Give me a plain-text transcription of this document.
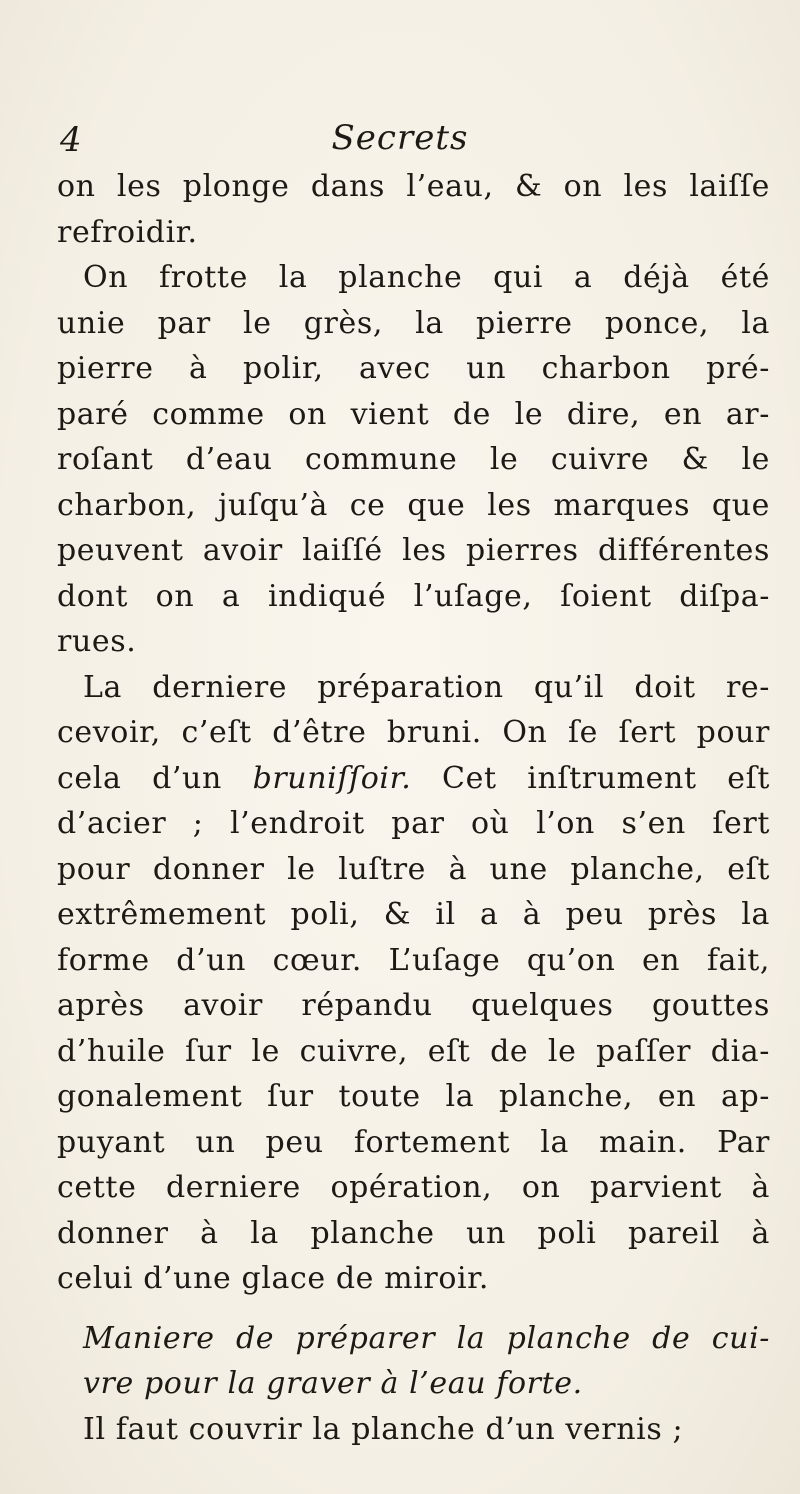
4	Secrets
on les plonge dans l’eau, & on les laiſſe
refroidir.
On frotte la planche qui a déjà été
unie par le grès, la pierre ponce, la
pierre à polir, avec un charbon pré-
paré comme on vient de le dire, en ar-
roſant d’eau commune le cuivre & le
charbon, juſqu’à ce que les marques que
peuvent avoir laiſſé les pierres différentes
dont on a indiqué l’uſage, ſoient diſpa-
rues.
La derniere préparation qu’il doit re-
cevoir, c’eſt d’être bruni. On ſe ſert pour
cela d’un bruniſſoir. Cet inſtrument eſt
d’acier ; l’endroit par où l’on s’en ſert
pour donner le luſtre à une planche, eſt
extrêmement poli, & il a à peu près la
forme d’un cœur. L’uſage qu’on en fait,
après avoir répandu quelques gouttes
d’huile ſur le cuivre, eſt de le paſſer dia-
gonalement ſur toute la planche, en ap-
puyant un peu fortement la main. Par
cette derniere opération, on parvient à
donner à la planche un poli pareil à
celui d’une glace de miroir.
Maniere de préparer la planche de cui-
vre pour la graver à l’eau forte.
Il faut couvrir la planche d’un vernis ;
